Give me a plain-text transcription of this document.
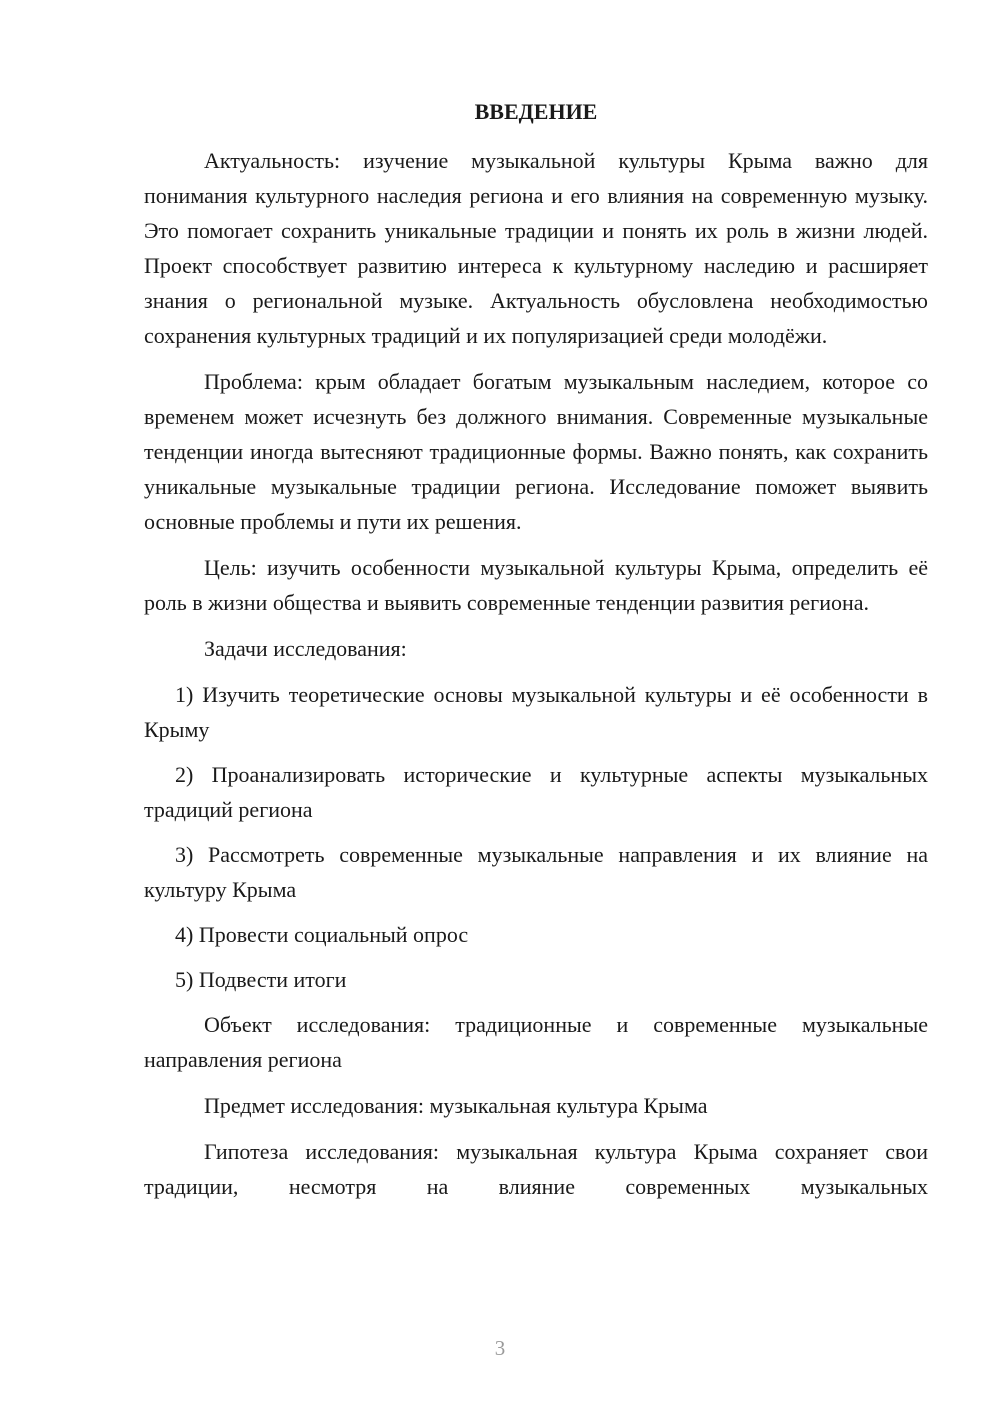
ВВЕДЕНИЕ

Актуальность: изучение музыкальной культуры Крыма важно для понимания культурного наследия региона и его влияния на современную музыку. Это помогает сохранить уникальные традиции и понять их роль в жизни людей. Проект способствует развитию интереса к культурному наследию и расширяет знания о региональной музыке. Актуальность обусловлена необходимостью сохранения культурных традиций и их популяризацией среди молодёжи.

Проблема: крым обладает богатым музыкальным наследием, которое со временем может исчезнуть без должного внимания. Современные музыкальные тенденции иногда вытесняют традиционные формы. Важно понять, как сохранить уникальные музыкальные традиции региона. Исследование поможет выявить основные проблемы и пути их решения.

Цель: изучить особенности музыкальной культуры Крыма, определить её роль в жизни общества и выявить современные тенденции развития региона.

Задачи исследования:

1) Изучить теоретические основы музыкальной культуры и её особенности в Крыму

2) Проанализировать исторические и культурные аспекты музыкальных традиций региона

3) Рассмотреть современные музыкальные направления и их влияние на культуру Крыма

4) Провести социальный опрос

5) Подвести итоги

Объект исследования: традиционные и современные музыкальные направления региона

Предмет исследования: музыкальная культура Крыма

Гипотеза исследования: музыкальная культура Крыма сохраняет свои традиции, несмотря на влияние современных музыкальных

3
